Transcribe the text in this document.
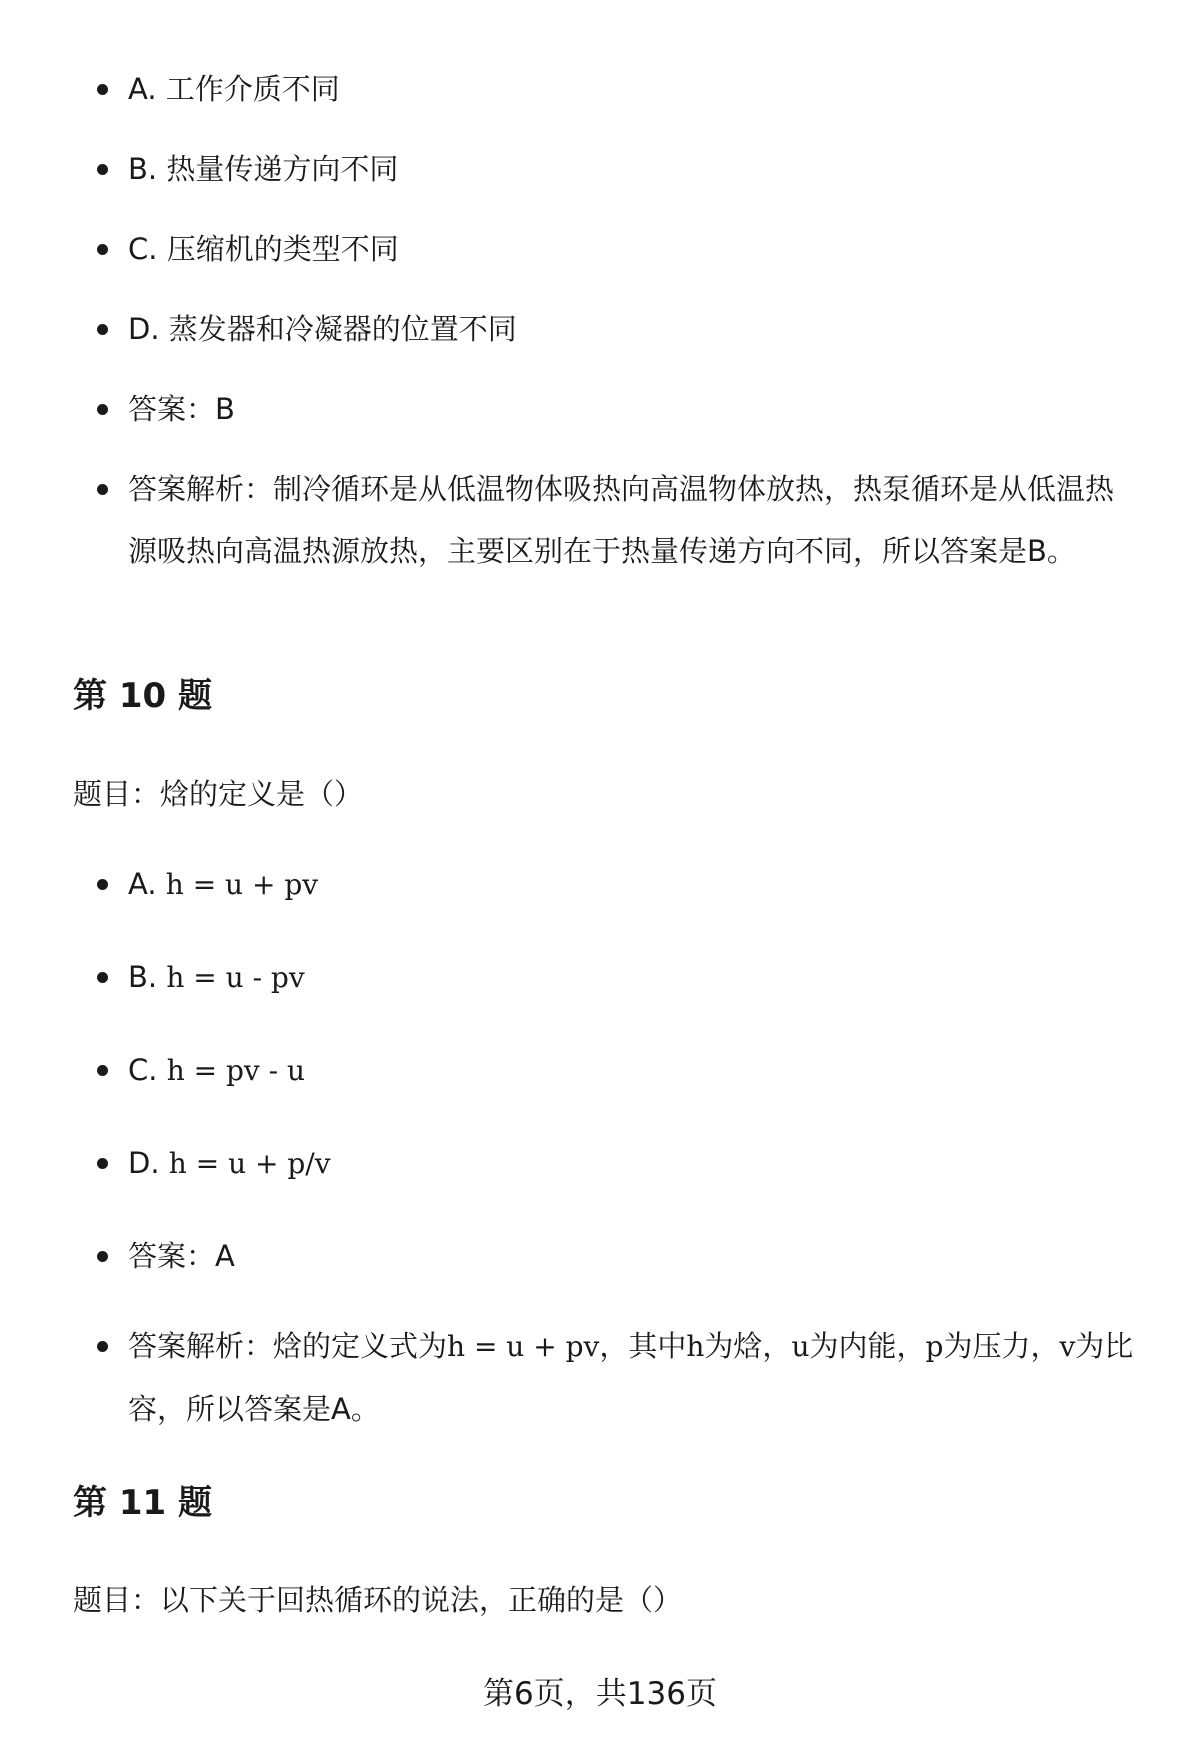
A. 工作介质不同
B. 热量传递方向不同
C. 压缩机的类型不同
D. 蒸发器和冷凝器的位置不同
答案：B
答案解析：制冷循环是从低温物体吸热向高温物体放热，热泵循环是从低温热源吸热向高温热源放热，主要区别在于热量传递方向不同，所以答案是B。
第 10 题

题目：焓的定义是（）

A. h = u + pv
B. h = u - pv
C. h = pv - u
D. h = u + p/v
答案：A
答案解析：焓的定义式为h = u + pv，其中h为焓，u为内能，p为压力，v为比容，所以答案是A。
第 11 题

题目：以下关于回热循环的说法，正确的是（）

第6页，共136页
